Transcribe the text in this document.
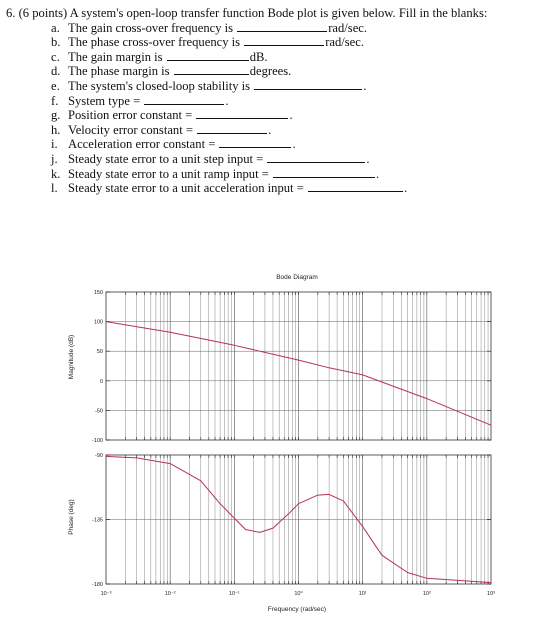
6. (6 points) A system's open-loop transfer function Bode plot is given below. Fill in the blanks:
a. The gain cross-over frequency is	rad/sec.
b. The phase cross-over frequency is	rad/sec.
c. The gain margin is	dB.
d. The phase margin is	degrees.
e. The system's closed-loop stability is	.
f. System type =	.
g. Position error constant =	.
h. Velocity error constant =	.
i. Acceleration error constant =	.
j. Steady state error to a unit step input =	.
k. Steady state error to a unit ramp input =	.
l. Steady state error to a unit acceleration input =	.
Bode Diagram
Magnitude (dB)
Phase (deg)
Frequency (rad/sec)
150
100
50
0
-50
-100
-90
-135
-180
10⁻³	10⁻²	10⁻¹	10⁰	10¹	10²	10³
